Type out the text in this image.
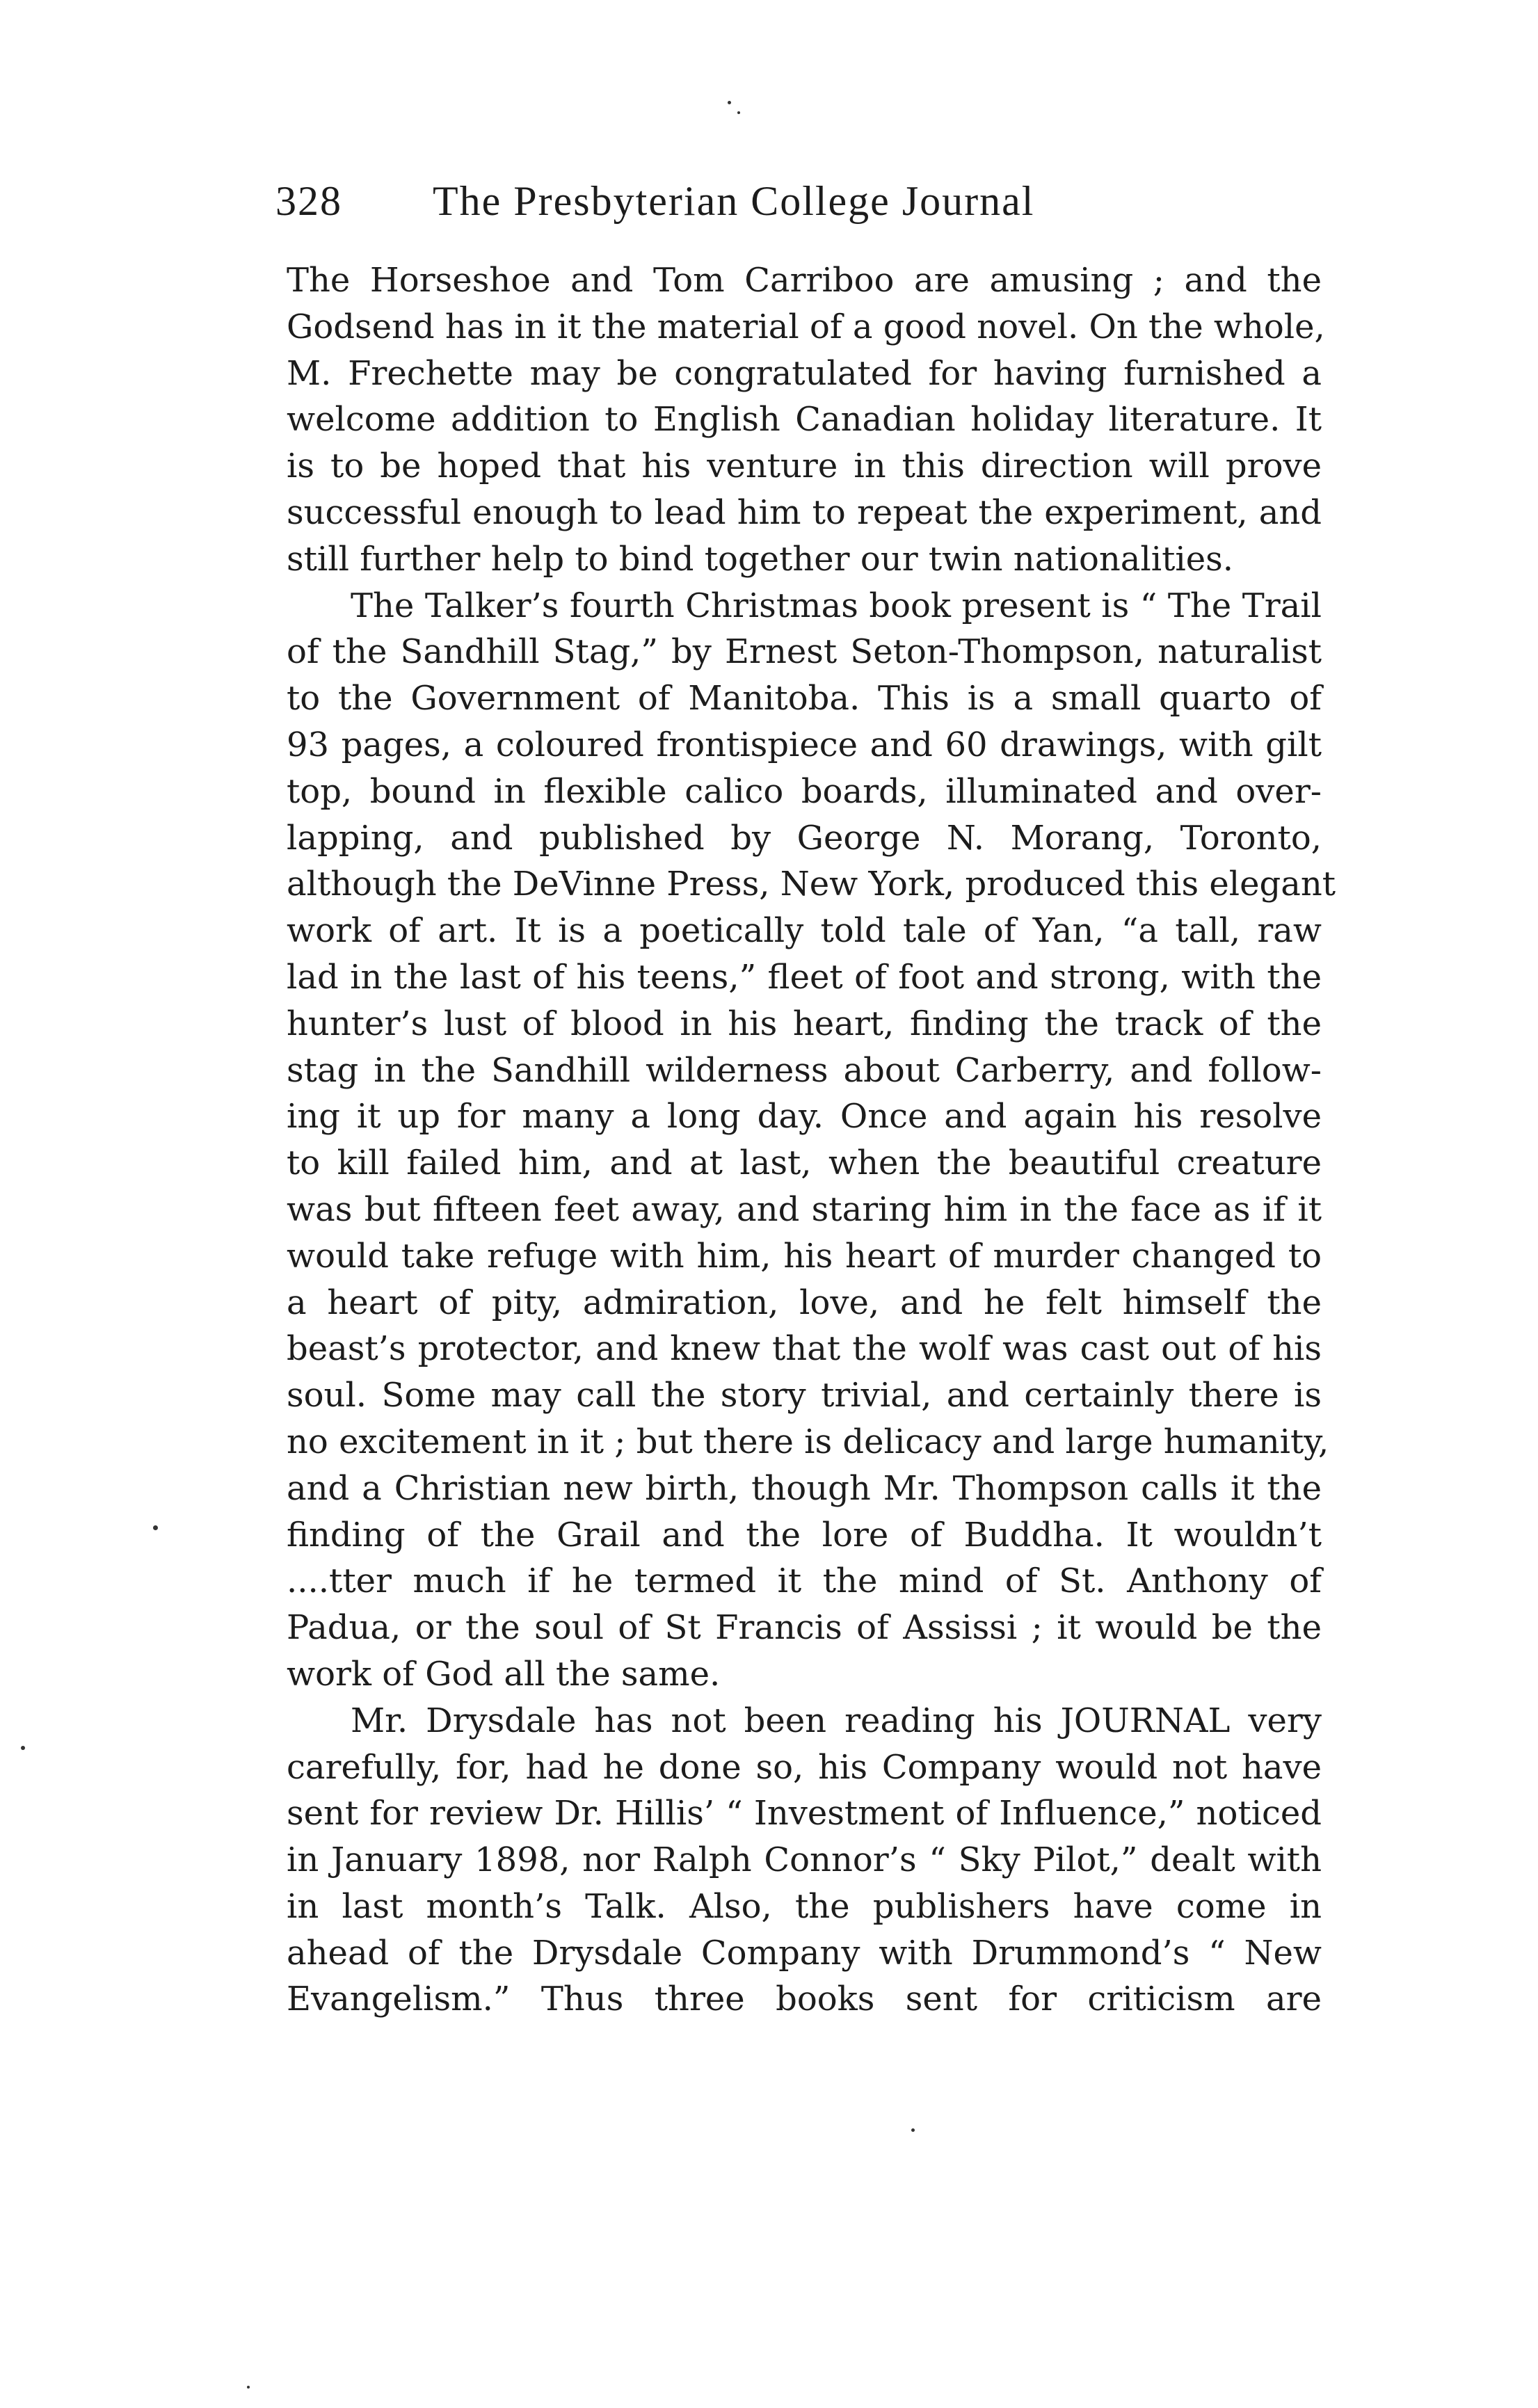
328 The Presbyterian College Journal
The Horseshoe and Tom Carriboo are amusing ; and the
Godsend has in it the material of a good novel. On the whole,
M. Frechette may be congratulated for having furnished a
welcome addition to English Canadian holiday literature. It
is to be hoped that his venture in this direction will prove
successful enough to lead him to repeat the experiment, and
still further help to bind together our twin nationalities.
The Talker’s fourth Christmas book present is “ The Trail
of the Sandhill Stag,” by Ernest Seton-Thompson, naturalist
to the Government of Manitoba. This is a small quarto of
93 pages, a coloured frontispiece and 60 drawings, with gilt
top, bound in flexible calico boards, illuminated and over-
lapping, and published by George N. Morang, Toronto,
although the DeVinne Press, New York, produced this elegant
work of art. It is a poetically told tale of Yan, “a tall, raw
lad in the last of his teens,” fleet of foot and strong, with the
hunter’s lust of blood in his heart, finding the track of the
stag in the Sandhill wilderness about Carberry, and follow-
ing it up for many a long day. Once and again his resolve
to kill failed him, and at last, when the beautiful creature
was but fifteen feet away, and staring him in the face as if it
would take refuge with him, his heart of murder changed to
a heart of pity, admiration, love, and he felt himself the
beast’s protector, and knew that the wolf was cast out of his
soul. Some may call the story trivial, and certainly there is
no excitement in it ; but there is delicacy and large humanity,
and a Christian new birth, though Mr. Thompson calls it the
finding of the Grail and the lore of Buddha. It wouldn’t
....tter much if he termed it the mind of St. Anthony of
Padua, or the soul of St Francis of Assissi ; it would be the
work of God all the same.
Mr. Drysdale has not been reading his JOURNAL very
carefully, for, had he done so, his Company would not have
sent for review Dr. Hillis’ “ Investment of Influence,” noticed
in January 1898, nor Ralph Connor’s “ Sky Pilot,” dealt with
in last month’s Talk. Also, the publishers have come in
ahead of the Drysdale Company with Drummond’s “ New
Evangelism.” Thus three books sent for criticism are
